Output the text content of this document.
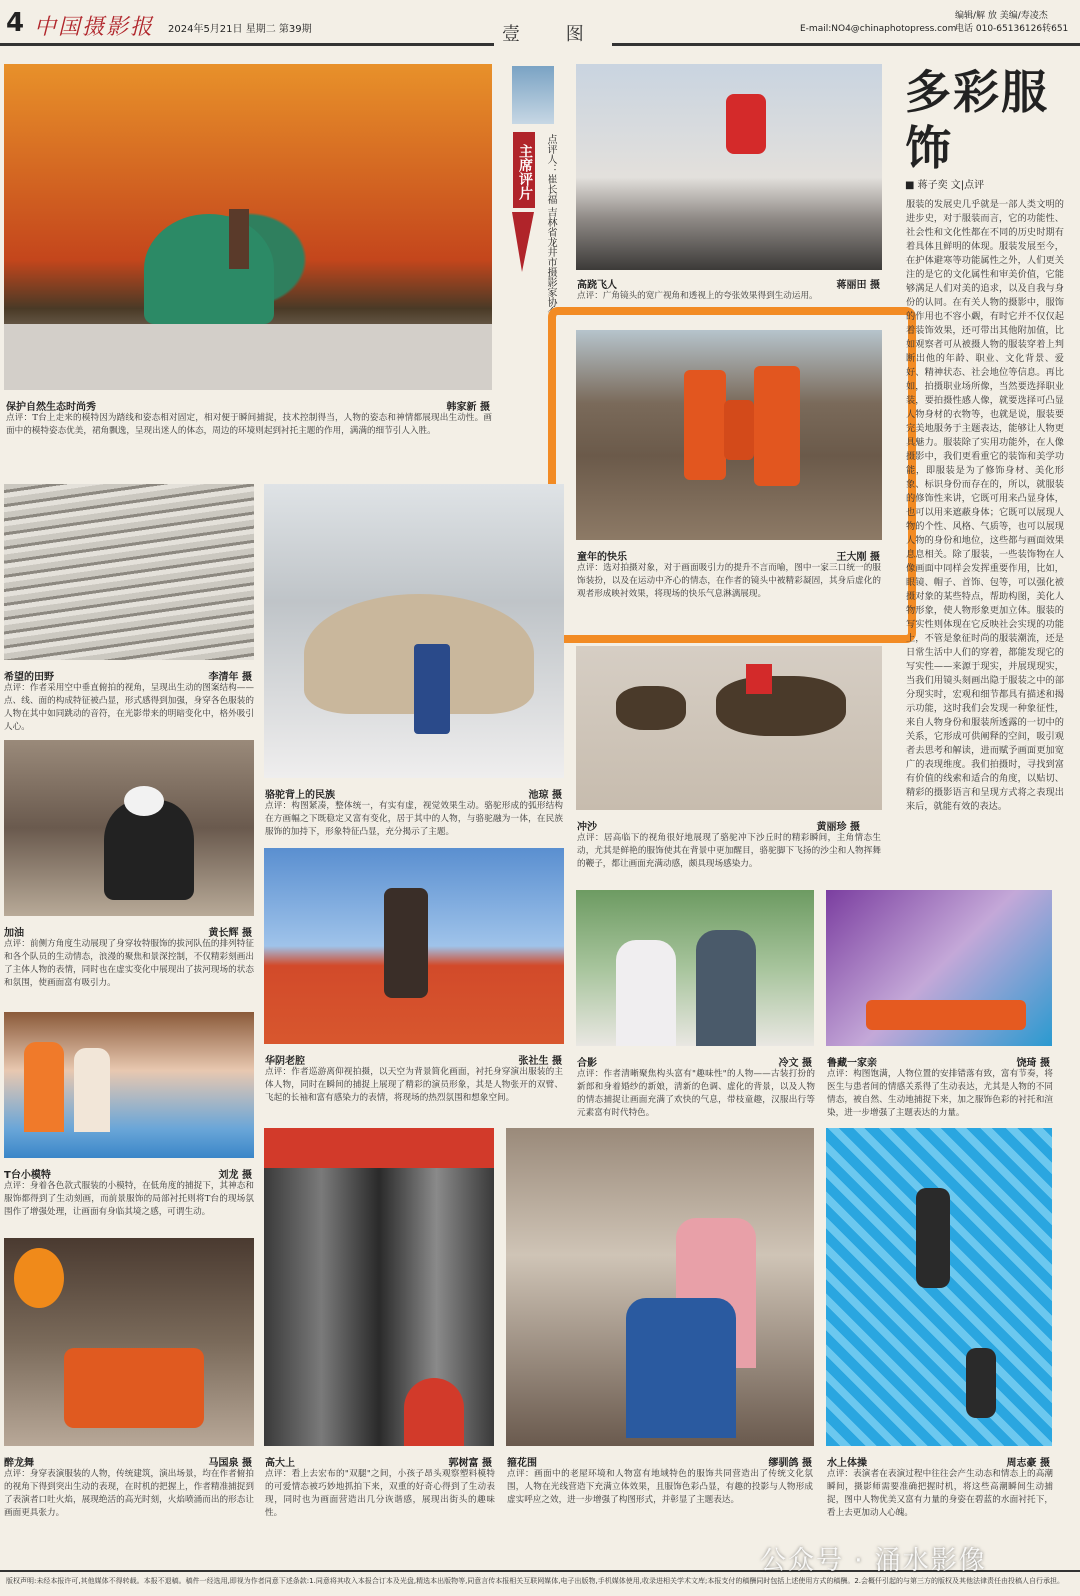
4 中国摄影报 2024年5月21日 星期二 第39期	壹 图	E-mail:NO4@chinaphotopress.com
编辑/解 放 美编/寿凌杰
电话 010-65136126转651
保护自然生态时尚秀	韩家新 摄
点评：T台上走来的模特因为踏线和姿态相对固定，相对便于瞬间捕捉，技术控制得当，人物的姿态和神情都展现出生动性。画面中的模特姿态优美，裙角飘逸，呈现出迷人的体态，周边的环境则起到衬托主题的作用，满满的细节引人入胜。
主席评片	点评人：崔长福 吉林省龙井市摄影家协会 高跷飞人	蒋丽田 摄
点评：广角镜头的宽广视角和透视上的夸张效果得到生动运用。
童年的快乐	王大刚 摄
点评：选对拍摄对象，对于画面吸引力的提升不言而喻，图中一家三口统一的服饰装扮，以及在运动中齐心的情态，在作者的镜头中被精彩凝固，其身后虚化的观者形成映衬效果，将现场的快乐气息淋漓展现。
多彩服饰
■ 蒋子奕 文|点评
服装的发展史几乎就是一部人类文明的进步史，对于服装而言，它的功能性、社会性和文化性都在不同的历史时期有着具体且鲜明的体现。服装发展至今，在护体避寒等功能属性之外，人们更关注的是它的文化属性和审美价值，它能够满足人们对美的追求，以及自我与身份的认同。在有关人物的摄影中，服饰的作用也不容小觑，有时它并不仅仅起着装饰效果，还可带出其他附加值，比如观察者可从被摄人物的服装穿着上判断出他的年龄、职业、文化背景、爱好、精神状态、社会地位等信息。再比如，拍摄职业场所像，当然要选择职业装，要拍摄性感人像，就要选择可凸显人物身材的衣物等，也就是说，服装要完美地服务于主题表达，能够让人物更具魅力。服装除了实用功能外，在人像摄影中，我们更看重它的装饰和美学功能，即服装是为了修饰身材、美化形象、标识身份而存在的，所以，就服装的修饰性来讲，它既可用来凸显身体，也可以用来遮蔽身体；它既可以展现人物的个性、风格、气质等，也可以展现人物的身份和地位，这些都与画面效果息息相关。除了服装，一些装饰物在人像画面中同样会发挥重要作用，比如，眼镜、帽子、首饰、包等，可以强化被摄对象的某些特点，帮助构图，美化人物形象，使人物形象更加立体。服装的写实性则体现在它反映社会实现的功能上，不管是象征时尚的服装潮流，还是日常生活中人们的穿着，都能发现它的写实性——来源于现实，并展现现实，当我们用镜头刻画出隐于服装之中的部分现实时，宏观和细节都具有描述和揭示功能，这时我们会发现一种象征性，来自人物身份和服装所透露的一切中的关系，它形成可供阐释的空间，吸引观者去思考和解读，进而赋予画面更加宽广的表现维度。我们拍摄时，寻找到富有价值的线索和适合的角度，以贴切、精彩的摄影语言和呈现方式将之表现出来后，就能有效的表达。
希望的田野	李清年 摄
点评：作者采用空中垂直俯拍的视角，呈现出生动的图案结构——点、线、面的构成特征被凸显，形式感得到加强，身穿各色服装的人物在其中如同跳动的音符，在光影带来的明暗变化中，格外吸引人心。
骆驼背上的民族	池琼 摄
点评：构图紧凑，整体统一，有实有虚，视觉效果生动。骆驼形成的弧形结构在方画幅之下既稳定又富有变化，居于其中的人物，与骆驼融为一体，在民族服饰的加持下，形象特征凸显，充分揭示了主题。	冲沙	黄丽珍 摄
点评：居高临下的视角很好地展现了骆驼冲下沙丘时的精彩瞬间，主角情态生动，尤其是鲜艳的服饰使其在背景中更加醒目，骆驼脚下飞扬的沙尘和人物挥舞的鞭子，都让画面充满动感，颇具现场感染力。
加油	黄长辉 摄
点评：前侧方角度生动展现了身穿妆特服饰的拔河队伍的排列特征和各个队员的生动情态，浪漫的聚焦和景深控制，不仅精彩刻画出了主体人物的表情，同时也在虚实变化中展现出了拔河现场的状态和氛围，使画面富有吸引力。
华阴老腔	张社生 摄
点评：作者巡游离仰视拍摄，以天空为背景简化画面，衬托身穿演出服装的主体人物，同时在瞬间的捕捉上展现了精彩的演员形象，其是人物张开的双臂、飞起的长袖和富有感染力的表情，将现场的热烈氛围和想象空间。
合影	冷文 摄
点评：作者清晰聚焦构头富有"趣味性"的人物——古装打扮的新郎和身着婚纱的新娘，清新的色调、虚化的背景，以及人物的情态捕捉让画面充满了欢快的气息，带枝童趣，汉服出行等元素富有时代特色。
鲁藏一家亲	饶琦 摄
点评：构图饱满，人物位置的安排错落有致，富有节奏，将医生与患者间的情感关系得了生动表达，尤其是人物的不同情态，被自然、生动地捕捉下来，加之服饰色彩的衬托和渲染，进一步增强了主题表达的力量。
T台小模特	刘龙 摄
点评：身着各色款式服装的小模特，在低角度的捕捉下，其神态和服饰都得到了生动刻画，而前景服饰的局部衬托则将T台的现场氛围作了增强处理，让画面有身临其境之感，可谓生动。
醉龙舞	马国泉 摄
点评：身穿表演服装的人物，传统建筑，演出场景，均在作者俯拍的视角下得到突出生动的表现，在时机的把握上，作者精准捕捉到了表演者口吐火焰，展现绝活的高光时刻，火焰喷涌而出的形态让画面更具张力。
高大上	郭树富 摄
点评：看上去宏布的"双腿"之间，小孩子昂头观察塑料模特的可爱情态被巧妙地抓拍下来，双重的好奇心得到了生动表现，同时也为画面营造出几分诙谐感，展现出街头的趣味性。
箍花围	缪驯鸽 摄
点评：画面中的老屋环境和人物富有地域特色的服饰共同营造出了传统文化氛围，人物在光线营造下充满立体效果，且服饰色彩凸显，有趣的投影与人物形成虚实呼应之效，进一步增强了构图形式，并彰显了主题表达。
水上体操	周志豪 摄
点评：表演者在表演过程中往往会产生动态和情态上的高潮瞬间，摄影师需要准确把握时机，将这些高潮瞬间生动捕捉，图中人物优美又富有力量的身姿在碧蓝的水面衬托下，看上去更加动人心魄。
版权声明:未经本报许可,其他媒体不得转载。本报不退稿。稿件一经选用,即视为作者同意下述条款:1.同意将其收入本报合订本及光盘,精选本出版物等,同意言传本报相关互联网媒体,电子出版物,手机媒体使用,收录进相关学术文库;本报支付的稿酬同时包括上述使用方式的稿酬。2.会概仟引起的与第三方的版权及其他法律责任由投稿人自行承担。
公众号 · 涌水影像
